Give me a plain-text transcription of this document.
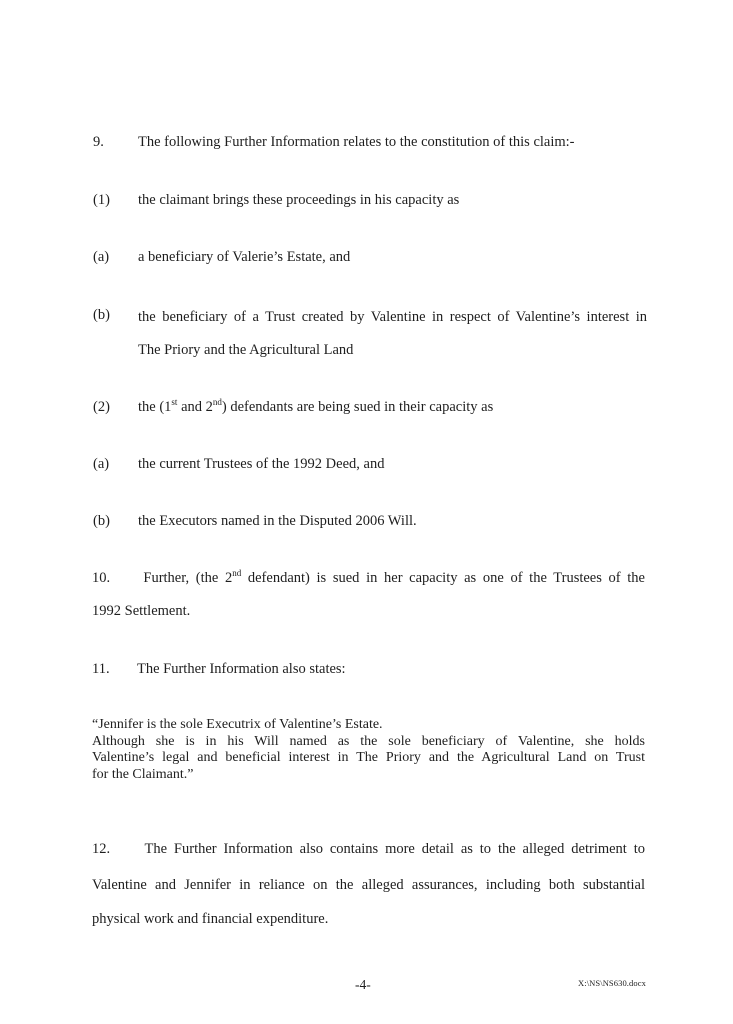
9. The following Further Information relates to the constitution of this claim:-
(1) the claimant brings these proceedings in his capacity as
(a) a beneficiary of Valerie’s Estate, and
(b) the beneficiary of a Trust created by Valentine in respect of Valentine’s interest in
The Priory and the Agricultural Land
(2) the (1st and 2nd) defendants are being sued in their capacity as
(a) the current Trustees of the 1992 Deed, and
(b) the Executors named in the Disputed 2006 Will.
10. Further, (the 2nd defendant) is sued in her capacity as one of the Trustees of the
1992 Settlement.
11. The Further Information also states:
“Jennifer is the sole Executrix of Valentine’s Estate.
Although she is in his Will named as the sole beneficiary of Valentine, she holds
Valentine’s legal and beneficial interest in The Priory and the Agricultural Land on Trust
for the Claimant.”
12. The Further Information also contains more detail as to the alleged detriment to
Valentine and Jennifer in reliance on the alleged assurances, including both substantial
physical work and financial expenditure.
-4-	X:\NS\NS630.docx
